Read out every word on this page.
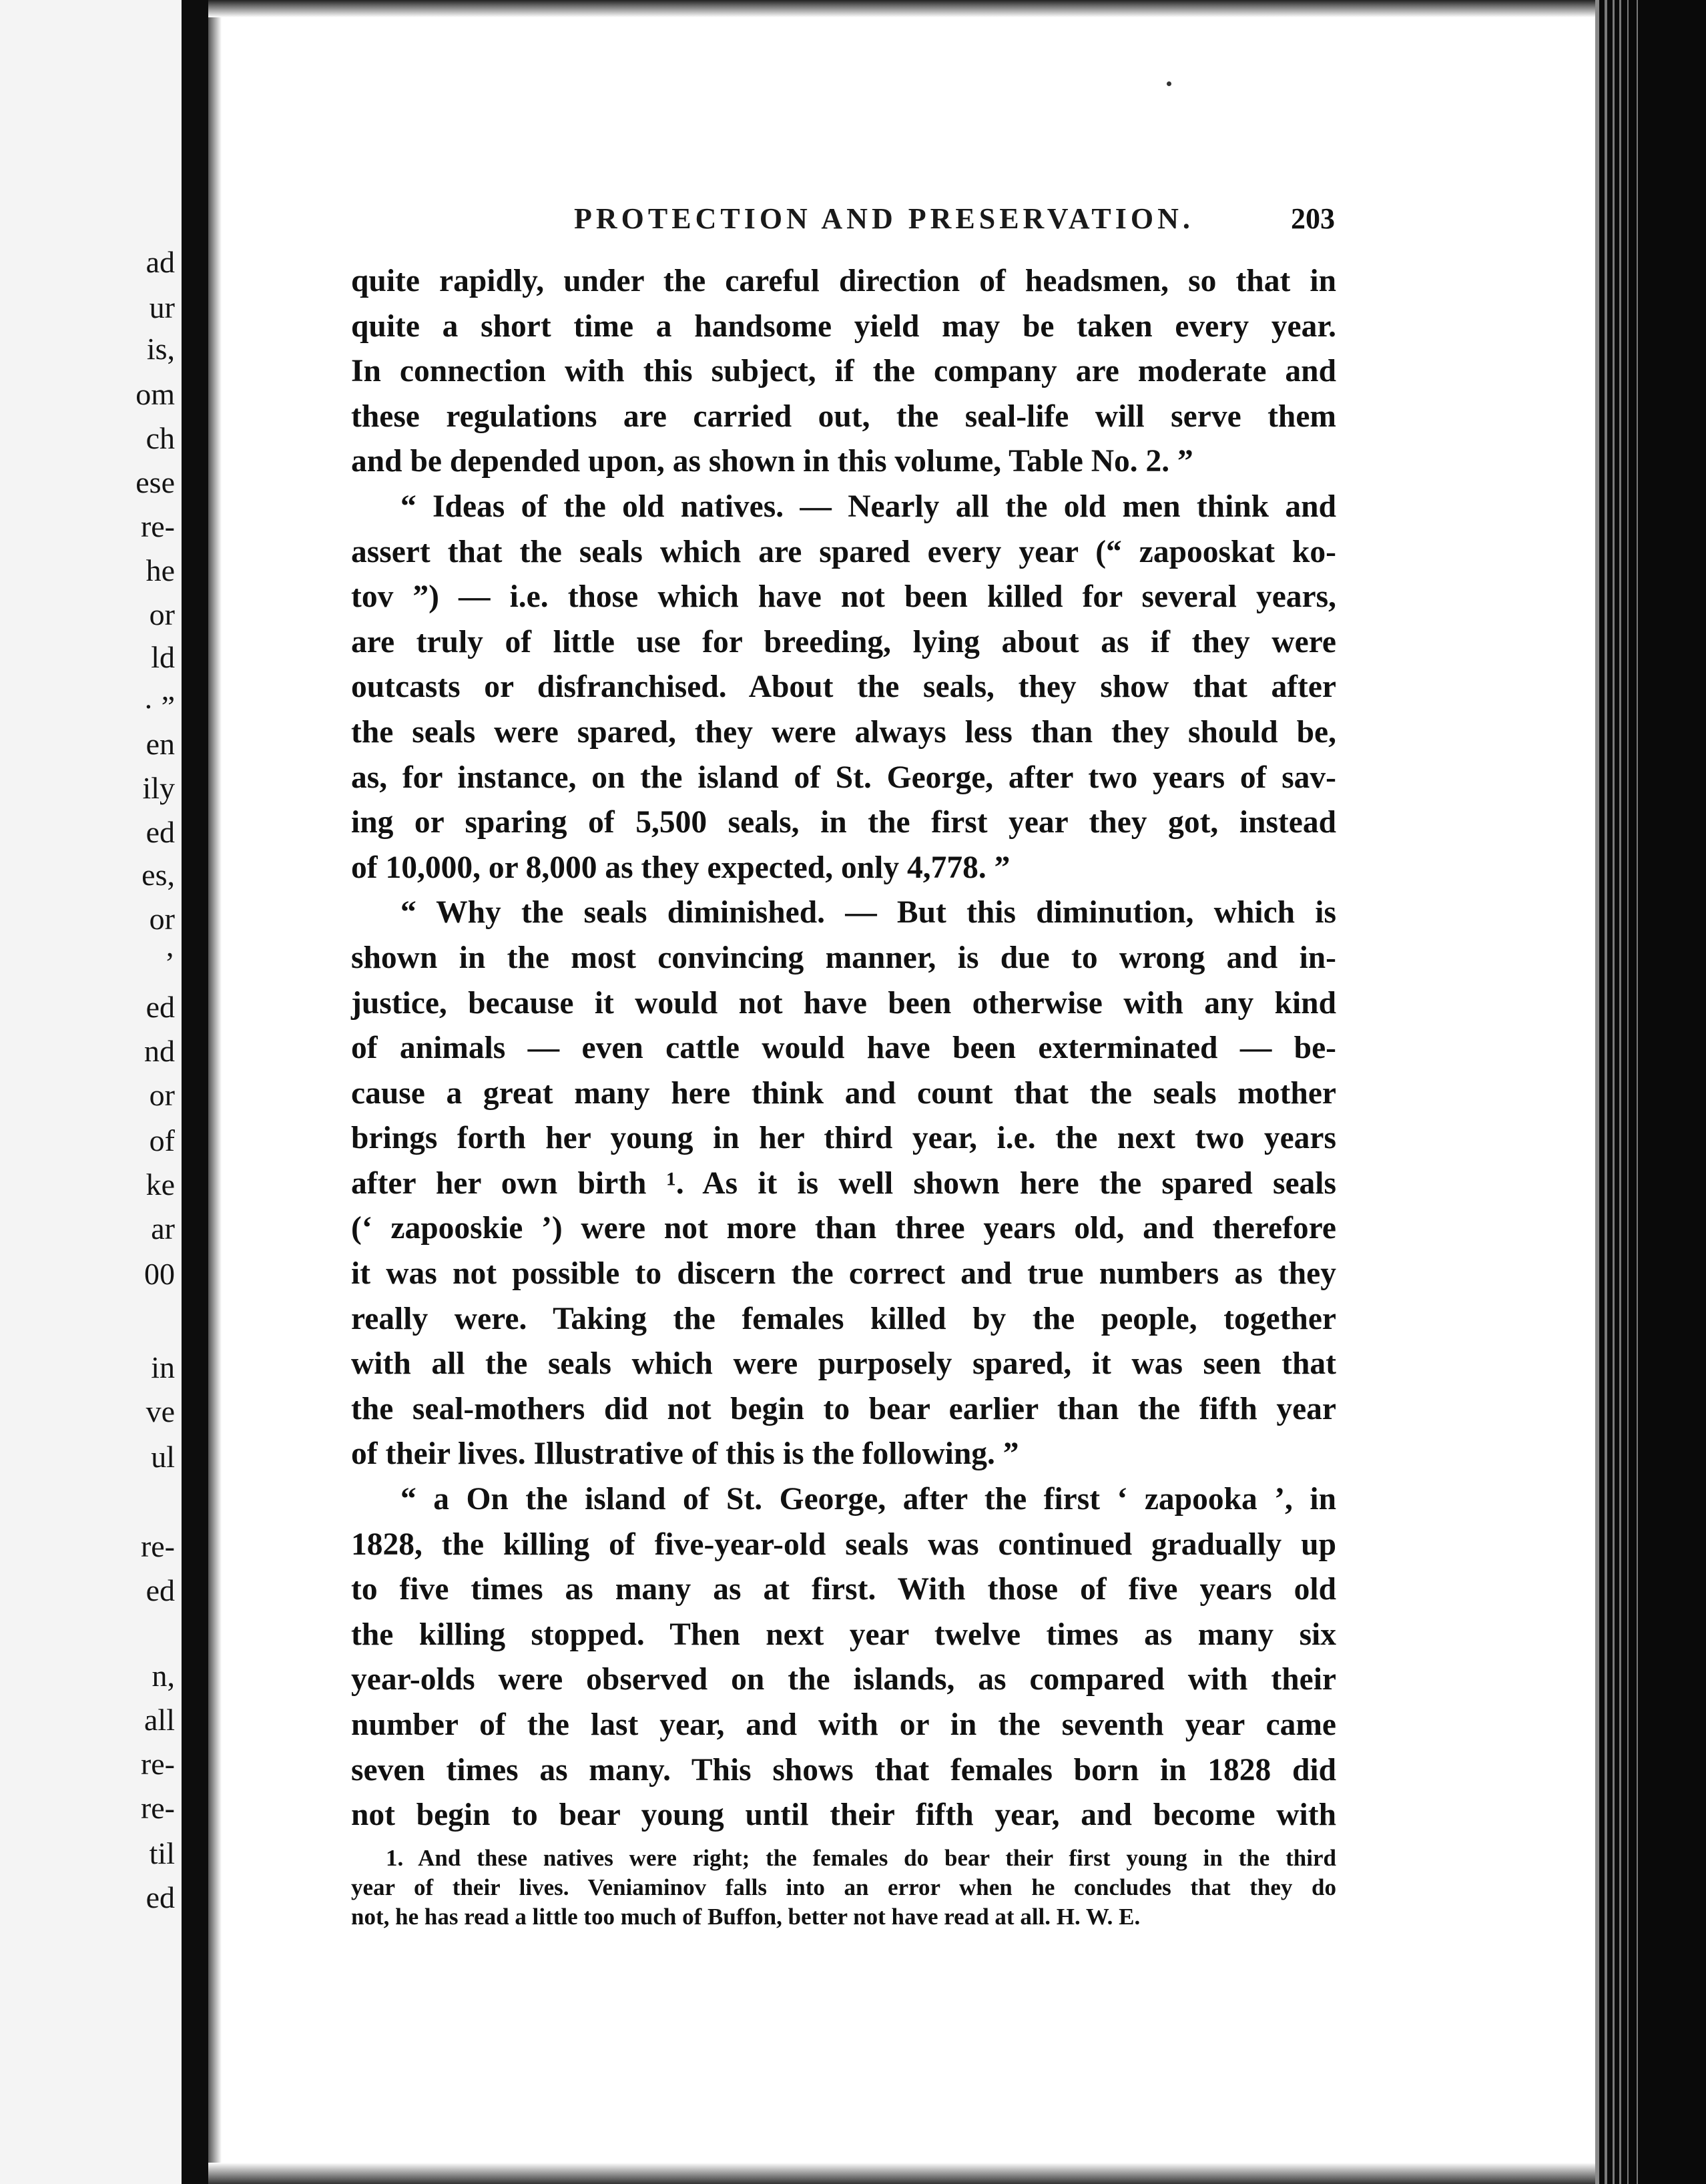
ad
ur
is,
om
ch
ese
re-
he
or
ld
· ”
en
ily
ed
es,
or
’
ed
nd
or
of
ke
ar
00
in
ve
ul
re-
ed
n,
all
re-
re-
til
ed
PROTECTION AND PRESERVATION.	203
quite rapidly, under the careful direction of headsmen, so that in
quite a short time a handsome yield may be taken every year.
In connection with this subject, if the company are moderate and
these regulations are carried out, the seal-life will serve them
and be depended upon, as shown in this volume, Table No. 2. ”
“ Ideas of the old natives. — Nearly all the old men think and
assert that the seals which are spared every year (“ zapooskat ko-
tov ”) — i.e. those which have not been killed for several years,
are truly of little use for breeding, lying about as if they were
outcasts or disfranchised. About the seals, they show that after
the seals were spared, they were always less than they should be,
as, for instance, on the island of St. George, after two years of sav-
ing or sparing of 5,500 seals, in the first year they got, instead
of 10,000, or 8,000 as they expected, only 4,778. ”
“ Why the seals diminished. — But this diminution, which is
shown in the most convincing manner, is due to wrong and in-
justice, because it would not have been otherwise with any kind
of animals — even cattle would have been exterminated — be-
cause a great many here think and count that the seals mother
brings forth her young in her third year, i.e. the next two years
after her own birth ¹. As it is well shown here the spared seals
(‘ zapooskie ’) were not more than three years old, and therefore
it was not possible to discern the correct and true numbers as they
really were. Taking the females killed by the people, together
with all the seals which were purposely spared, it was seen that
the seal-mothers did not begin to bear earlier than the fifth year
of their lives. Illustrative of this is the following. ”
“ a On the island of St. George, after the first ‘ zapooka ’, in
1828, the killing of five-year-old seals was continued gradually up
to five times as many as at first. With those of five years old
the killing stopped. Then next year twelve times as many six
year-olds were observed on the islands, as compared with their
number of the last year, and with or in the seventh year came
seven times as many. This shows that females born in 1828 did
not begin to bear young until their fifth year, and become with
1. And these natives were right; the females do bear their first young in the third
year of their lives. Veniaminov falls into an error when he concludes that they do
not, he has read a little too much of Buffon, better not have read at all. H. W. E.
